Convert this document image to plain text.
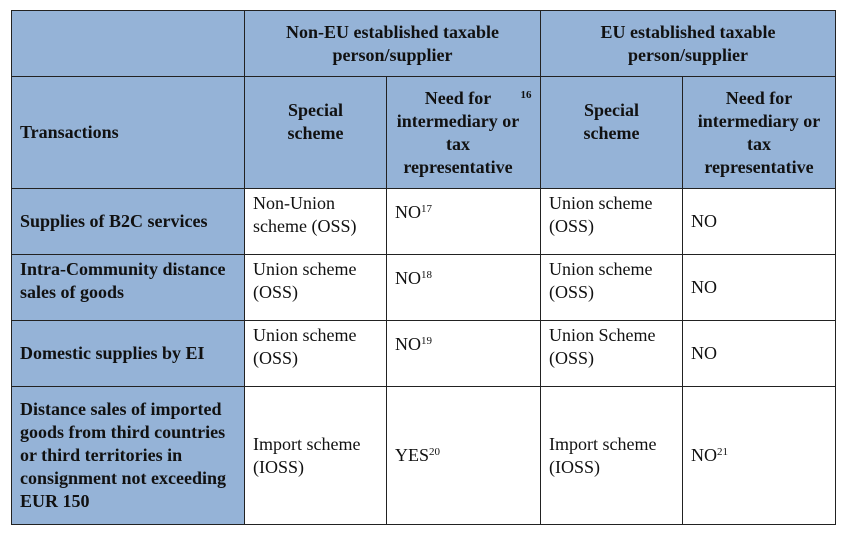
	Non-EU established taxable person/supplier		EU established taxable person/supplier	

Transactions	Special scheme	Need for intermediary or tax representative$^{16}$	Special scheme	Need for intermediary or tax representative

Supplies of B2C services	Non-Union scheme (OSS)	NO$^{17}$	Union scheme (OSS)	NO
Intra-Community distance sales of goods	Union scheme (OSS)	NO$^{18}$	Union scheme (OSS)	NO
Domestic supplies by EI	Union scheme (OSS)	NO$^{19}$	Union Scheme (OSS)	NO
Distance sales of imported goods from third countries or third territories in consignment not exceeding EUR 150	Import scheme (IOSS)	YES$^{20}$	Import scheme (IOSS)	NO$^{21}$
